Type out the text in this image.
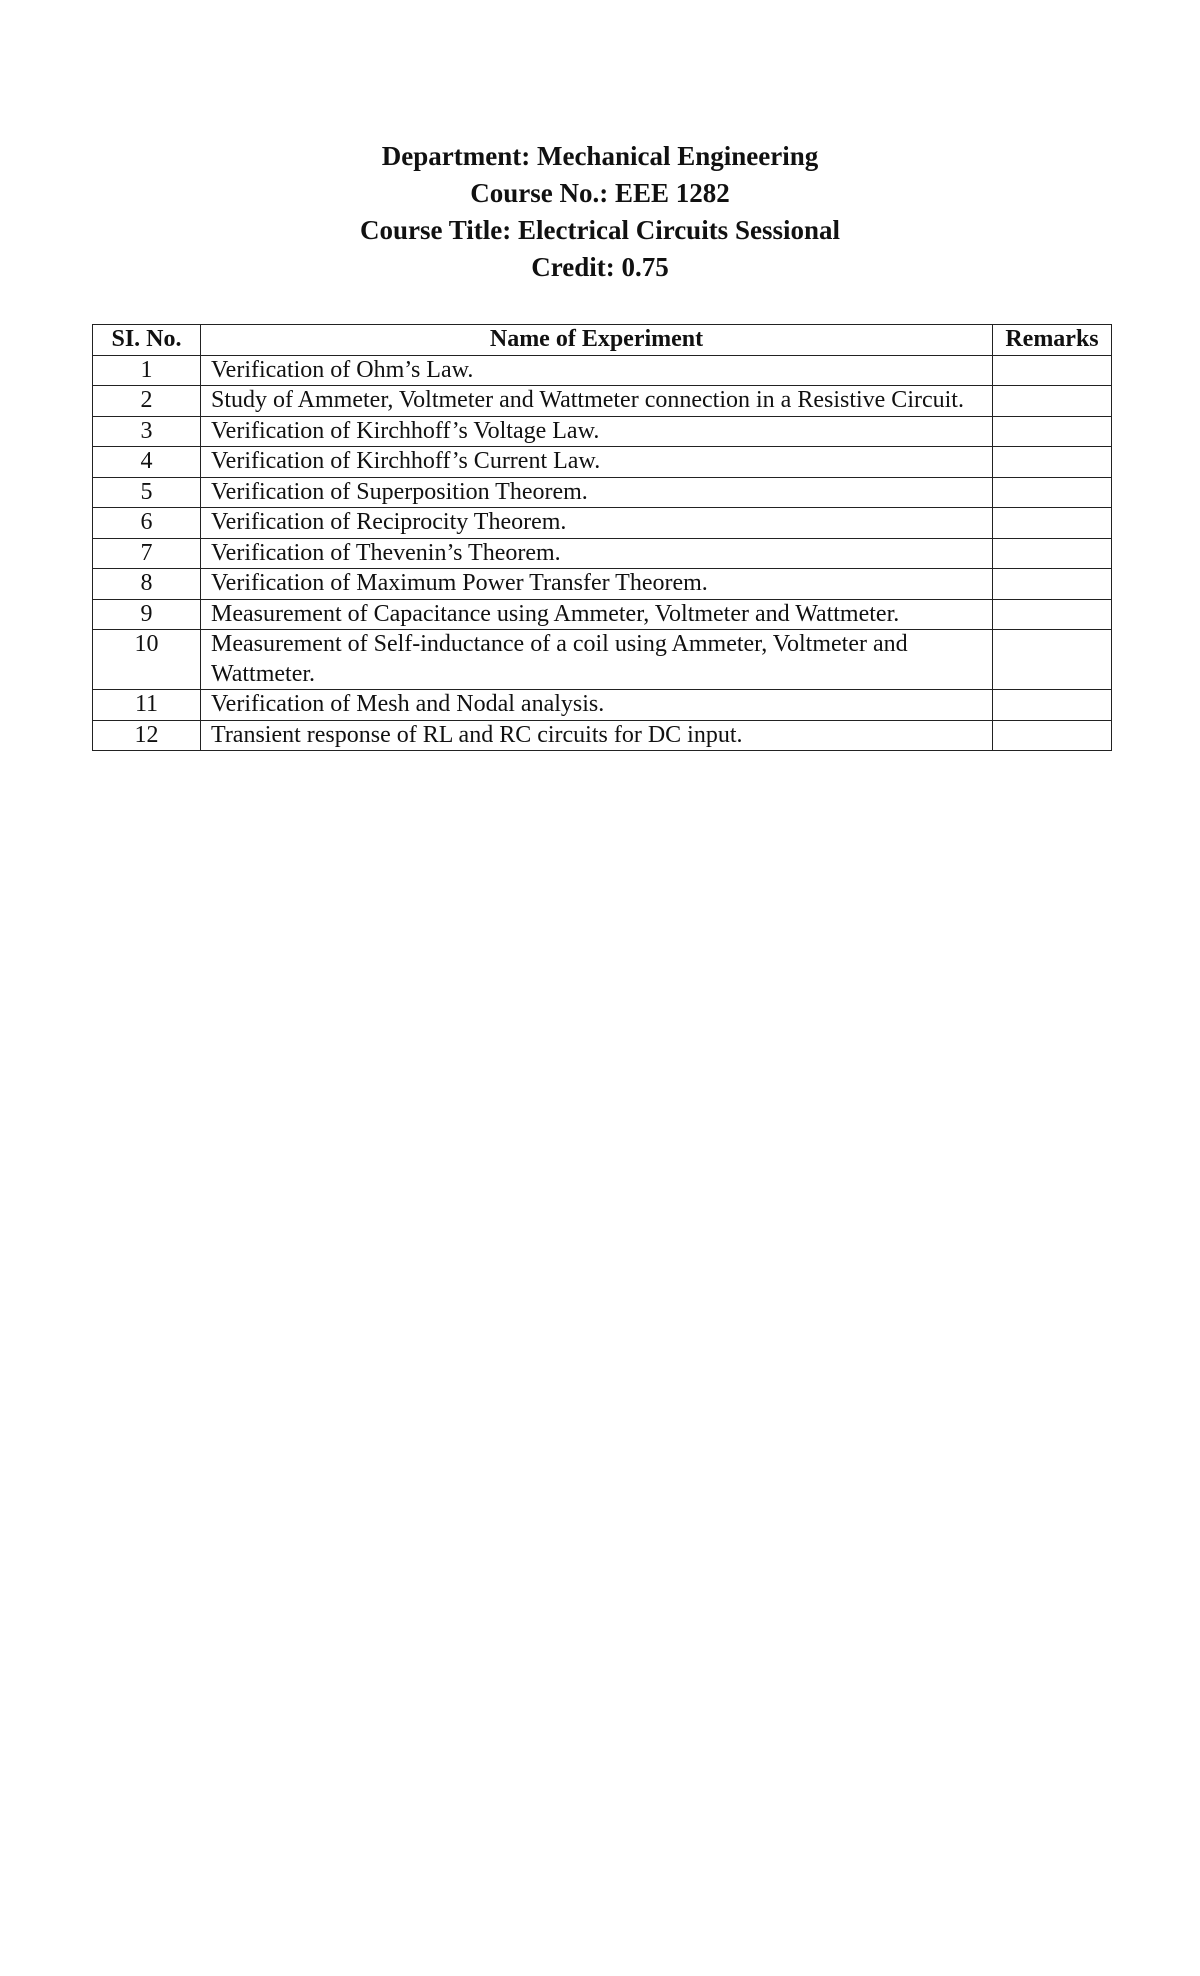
Department: Mechanical Engineering

Course No.: EEE 1282

Course Title: Electrical Circuits Sessional

Credit: 0.75

SI. No.	Name of Experiment	Remarks
1	Verification of Ohm’s Law.	
2	Study of Ammeter, Voltmeter and Wattmeter connection in a Resistive Circuit.	
3	Verification of Kirchhoff’s Voltage Law.	
4	Verification of Kirchhoff’s Current Law.	
5	Verification of Superposition Theorem.	
6	Verification of Reciprocity Theorem.	
7	Verification of Thevenin’s Theorem.	
8	Verification of Maximum Power Transfer Theorem.	
9	Measurement of Capacitance using Ammeter, Voltmeter and Wattmeter.	
10	Measurement of Self-inductance of a coil using Ammeter, Voltmeter and Wattmeter.	
11	Verification of Mesh and Nodal analysis.	
12	Transient response of RL and RC circuits for DC input.	
